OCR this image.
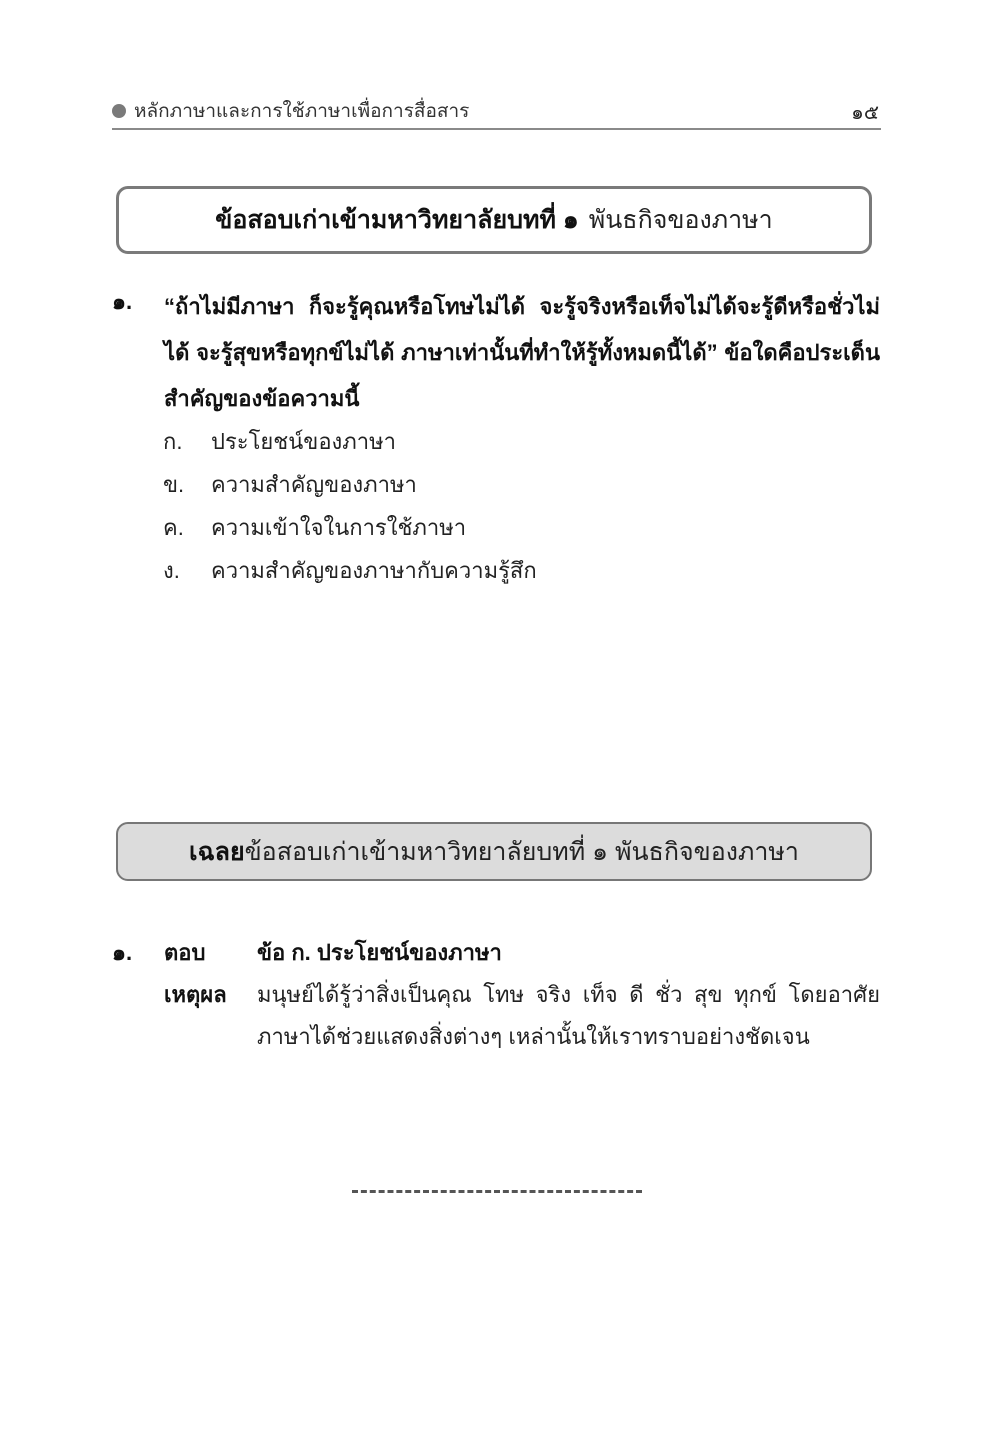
หลักภาษาและการใช้ภาษาเพื่อการสื่อสาร	๑๕
ข้อสอบเก่าเข้ามหาวิทยาลัยบทที่ ๑ พันธกิจของภาษา
๑. “ถ้าไม่มีภาษา ก็จะรู้คุณหรือโทษไม่ได้ จะรู้จริงหรือเท็จไม่ได้จะรู้ดีหรือชั่วไม่ได้ จะรู้สุขหรือทุกข์ไม่ได้ ภาษาเท่านั้นที่ทำให้รู้ทั้งหมดนี้ได้” ข้อใดคือประเด็นสำคัญของข้อความนี้
ก.	ประโยชน์ของภาษา
ข.	ความสำคัญของภาษา
ค.	ความเข้าใจในการใช้ภาษา
ง.	ความสำคัญของภาษากับความรู้สึก
เฉลย ข้อสอบเก่าเข้ามหาวิทยาลัยบทที่ ๑ พันธกิจของภาษา
๑.	ตอบ	ข้อ ก. ประโยชน์ของภาษา
เหตุผล	มนุษย์ได้รู้ว่าสิ่งเป็นคุณ โทษ จริง เท็จ ดี ชั่ว สุข ทุกข์ โดยอาศัยภาษาได้ช่วยแสดงสิ่งต่างๆ เหล่านั้นให้เราทราบอย่างชัดเจน
